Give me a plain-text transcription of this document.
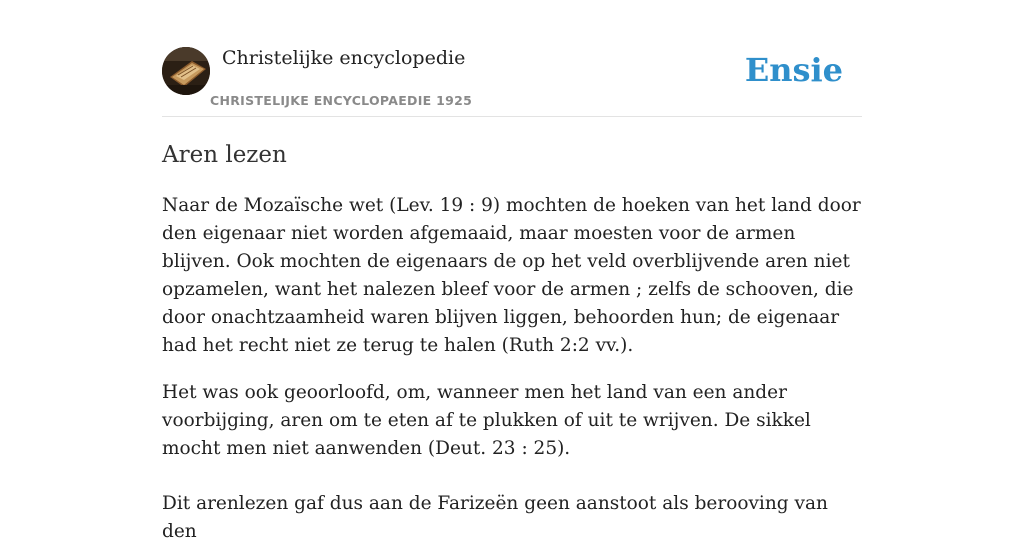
Christelijke encyclopedie
CHRISTELIJKE ENCYCLOPAEDIE 1925
Ensie
Aren lezen

Naar de Mozaïsche wet (Lev. 19 : 9) mochten de hoeken van het land door den eigenaar niet worden afgemaaid, maar moesten voor de armen blijven. Ook mochten de eigenaars de op het veld overblijvende aren niet opzamelen, want het nalezen bleef voor de armen ; zelfs de schooven, die door onachtzaamheid waren blijven liggen, behoorden hun; de eigenaar had het recht niet ze terug te halen (Ruth 2:2 vv.).

Het was ook geoorloofd, om, wanneer men het land van een ander voorbijging, aren om te eten af te plukken of uit te wrijven. De sikkel mocht men niet aanwenden (Deut. 23 : 25).

Dit arenlezen gaf dus aan de Farizeën geen aanstoot als berooving van den
